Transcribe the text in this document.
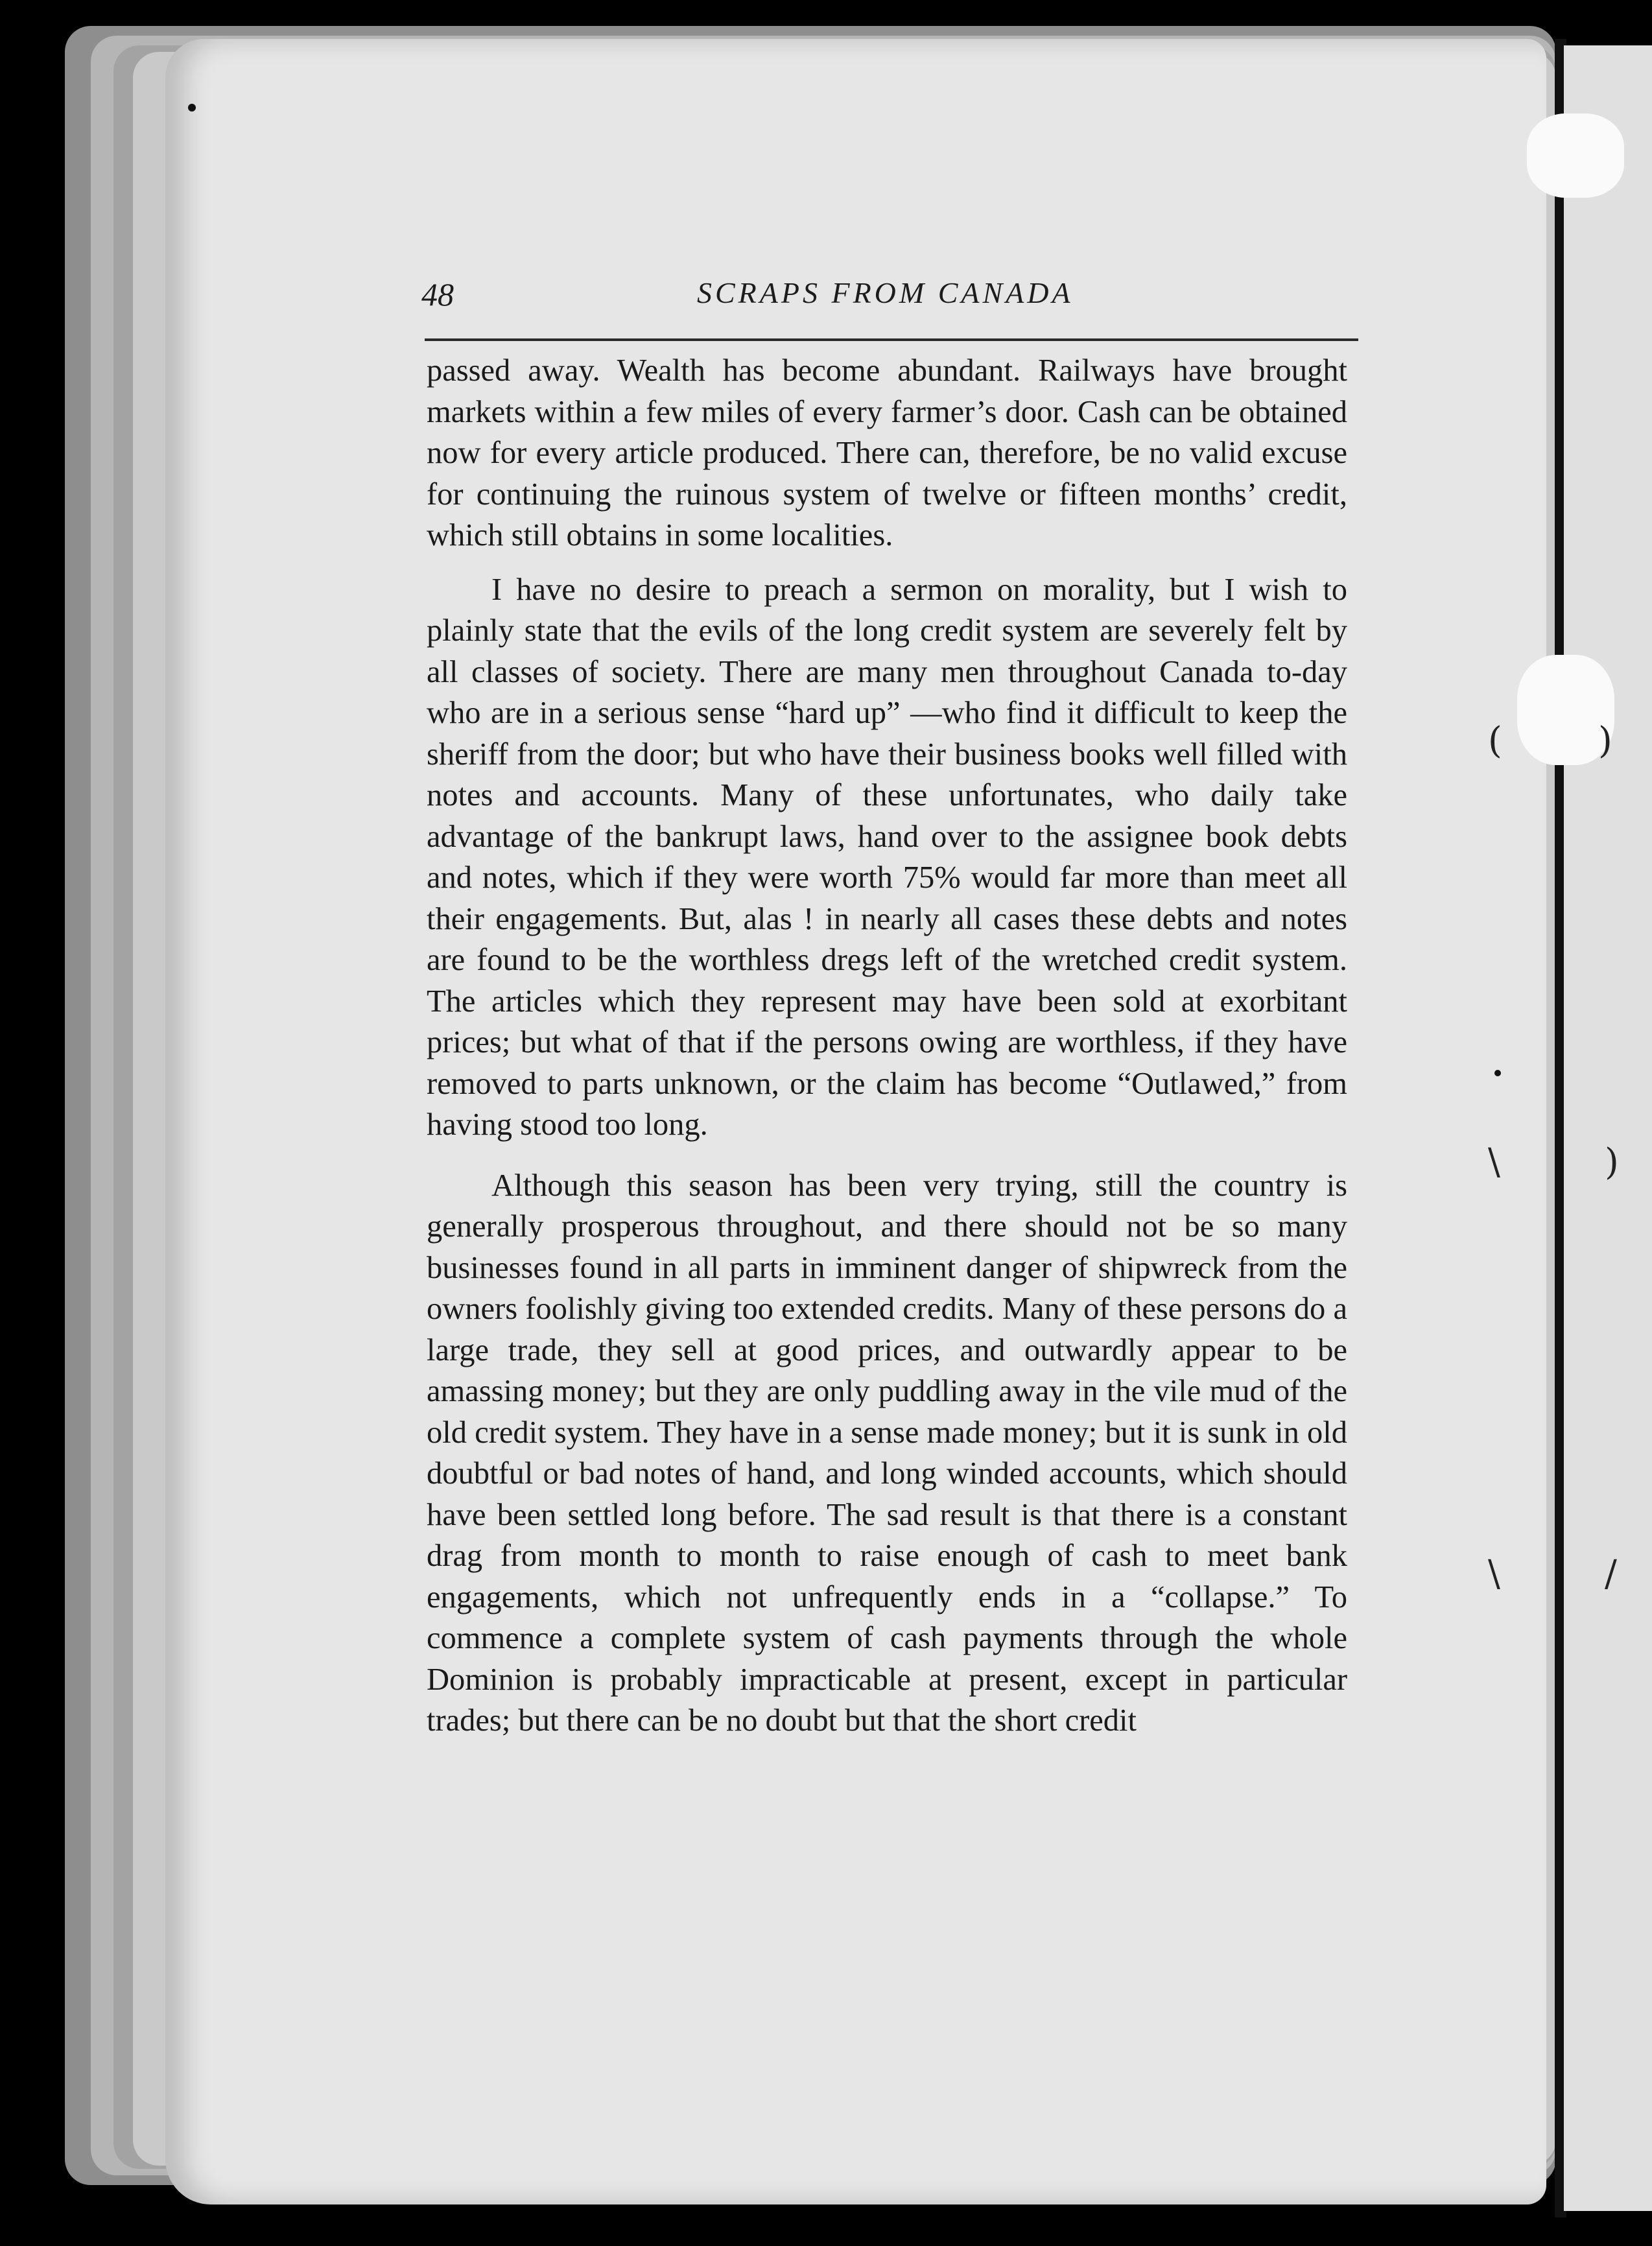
(	)
\	)
\	/
48	SCRAPS FROM CANADA

passed away. Wealth has become abundant. Railways have brought markets within a few miles of every farmer’s door. Cash can be obtained now for every article produced. There can, therefore, be no valid excuse for continuing the ruinous system of twelve or fifteen months’ credit, which still obtains in some localities.

I have no desire to preach a sermon on morality, but I wish to plainly state that the evils of the long credit system are severely felt by all classes of society. There are many men throughout Canada to-day who are in a serious sense “hard up” —who find it difficult to keep the sheriff from the door; but who have their business books well filled with notes and accounts. Many of these unfortunates, who daily take advantage of the bankrupt laws, hand over to the assignee book debts and notes, which if they were worth 75% would far more than meet all their engagements. But, alas ! in nearly all cases these debts and notes are found to be the worthless dregs left of the wretched credit system. The articles which they represent may have been sold at exorbitant prices; but what of that if the persons owing are worthless, if they have removed to parts unknown, or the claim has become “Outlawed,” from having stood too long.

Although this season has been very trying, still the country is generally prosperous throughout, and there should not be so many businesses found in all parts in imminent danger of shipwreck from the owners foolishly giving too extended credits. Many of these persons do a large trade, they sell at good prices, and outwardly appear to be amassing money; but they are only puddling away in the vile mud of the old credit system. They have in a sense made money; but it is sunk in old doubtful or bad notes of hand, and long winded accounts, which should have been settled long before. The sad result is that there is a constant drag from month to month to raise enough of cash to meet bank engagements, which not unfrequently ends in a “collapse.” To commence a complete system of cash payments through the whole Dominion is probably impracticable at present, except in particular trades; but there can be no doubt but that the short credit
